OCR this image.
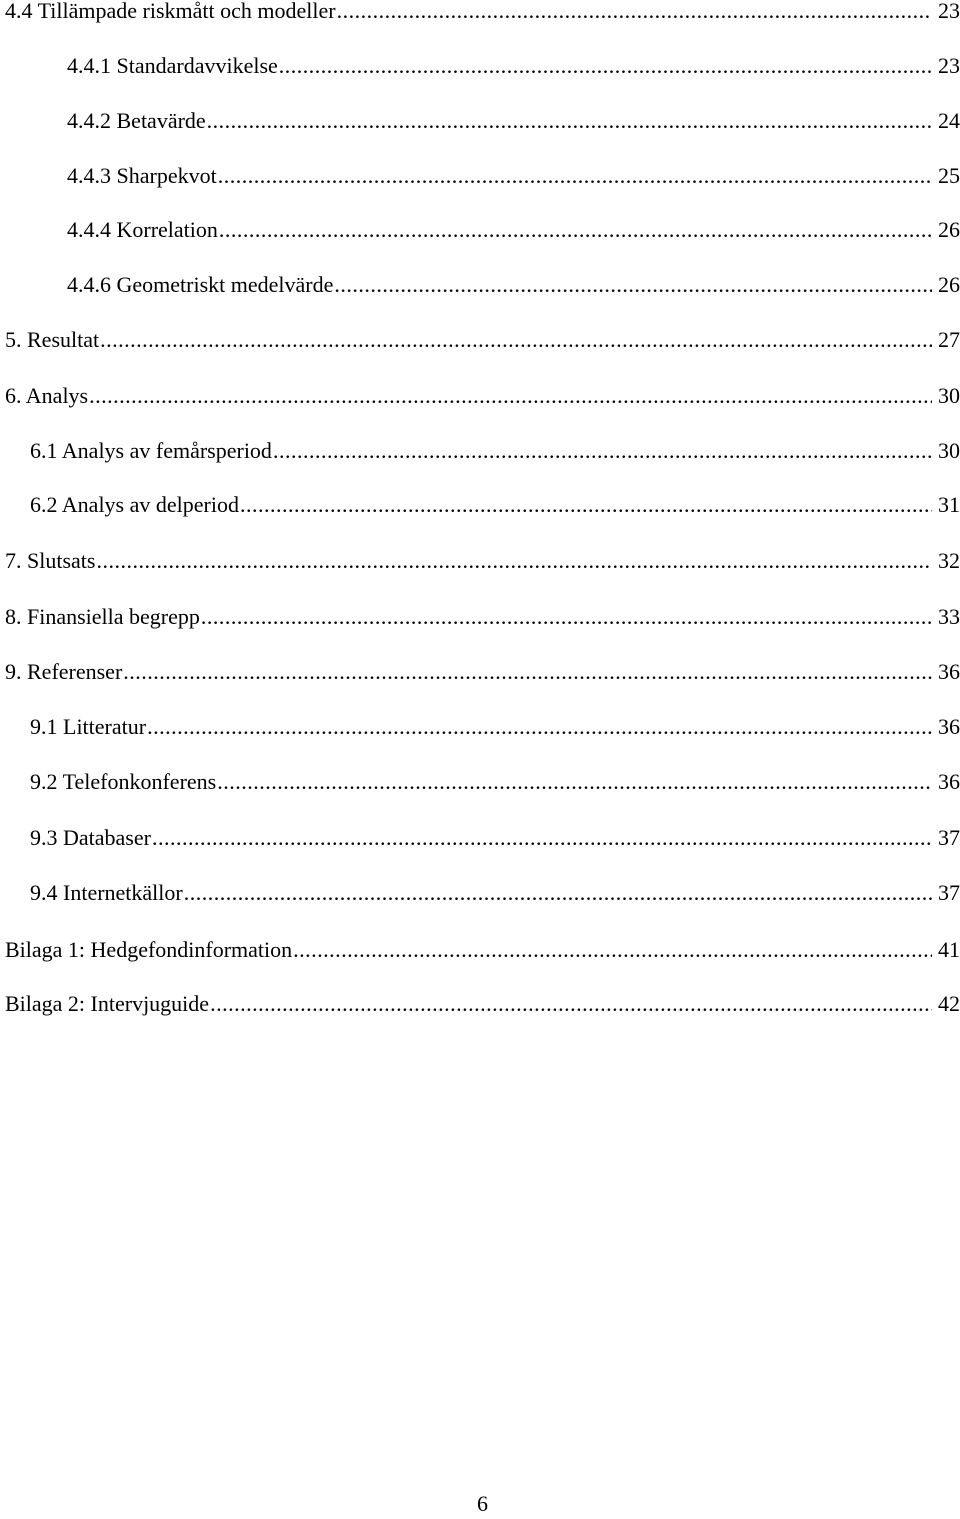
4.4 Tillämpade riskmått och modeller .....	23
4.4.1 Standardavvikelse .....	23
4.4.2 Betavärde .....	24
4.4.3 Sharpekvot .....	25
4.4.4 Korrelation .....	26
4.4.6 Geometriskt medelvärde .....	26
5. Resultat .....	27
6. Analys .....	30
6.1 Analys av femårsperiod .....	30
6.2 Analys av delperiod .....	31
7. Slutsats .....	32
8. Finansiella begrepp .....	33
9. Referenser .....	36
9.1 Litteratur .....	36
9.2 Telefonkonferens .....	36
9.3 Databaser .....	37
9.4 Internetkällor .....	37
Bilaga 1: Hedgefondinformation .....	41
Bilaga 2: Intervjuguide .....	42
6
